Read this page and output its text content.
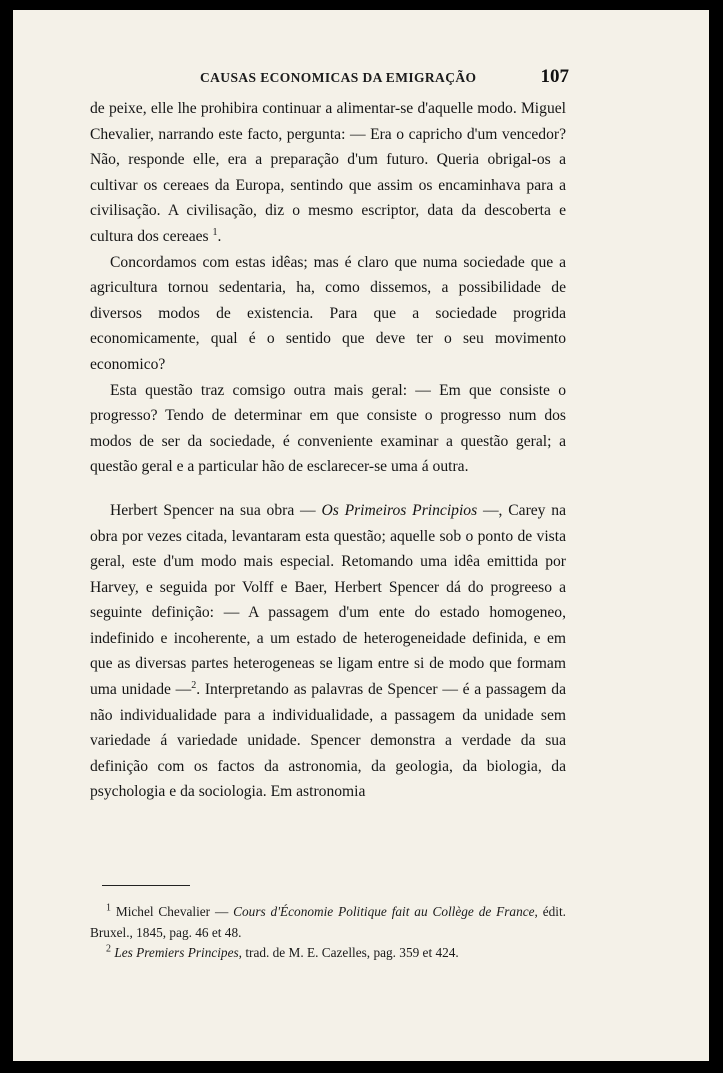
CAUSAS ECONOMICAS DA EMIGRAÇÃO	107

de peixe, elle lhe prohibira continuar a alimentar-se d'aquelle modo. Miguel Chevalier, narrando este facto, pergunta: — Era o capricho d'um vencedor? Não, responde elle, era a preparação d'um futuro. Queria obrigal-os a cultivar os cereaes da Europa, sentindo que assim os encaminhava para a civilisação. A civilisação, diz o mesmo escriptor, data da descoberta e cultura dos cereaes $^1$.

Concordamos com estas idêas; mas é claro que numa sociedade que a agricultura tornou sedentaria, ha, como dissemos, a possibilidade de diversos modos de existencia. Para que a sociedade progrida economicamente, qual é o sentido que deve ter o seu movimento economico?

Esta questão traz comsigo outra mais geral: — Em que consiste o progresso? Tendo de determinar em que consiste o progresso num dos modos de ser da sociedade, é conveniente examinar a questão geral; a questão geral e a particular hão de esclarecer-se uma á outra.

Herbert Spencer na sua obra — Os Primeiros Principios —, Carey na obra por vezes citada, levantaram esta questão; aquelle sob o ponto de vista geral, este d'um modo mais especial. Retomando uma idêa emittida por Harvey, e seguida por Volff e Baer, Herbert Spencer dá do progreeso a seguinte definição: — A passagem d'um ente do estado homogeneo, indefinido e incoherente, a um estado de heterogeneidade definida, e em que as diversas partes heterogeneas se ligam entre si de modo que formam uma unidade —$^2$. Interpretando as palavras de Spencer — é a passagem da não individualidade para a individualidade, a passagem da unidade sem variedade á variedade unidade. Spencer demonstra a verdade da sua definição com os factos da astronomia, da geologia, da biologia, da psychologia e da sociologia. Em astronomia

$^1$ Michel Chevalier — Cours d'Économie Politique fait au Collège de France, édit. Bruxel., 1845, pag. 46 et 48.

$^2$ Les Premiers Principes, trad. de M. E. Cazelles, pag. 359 et 424.
